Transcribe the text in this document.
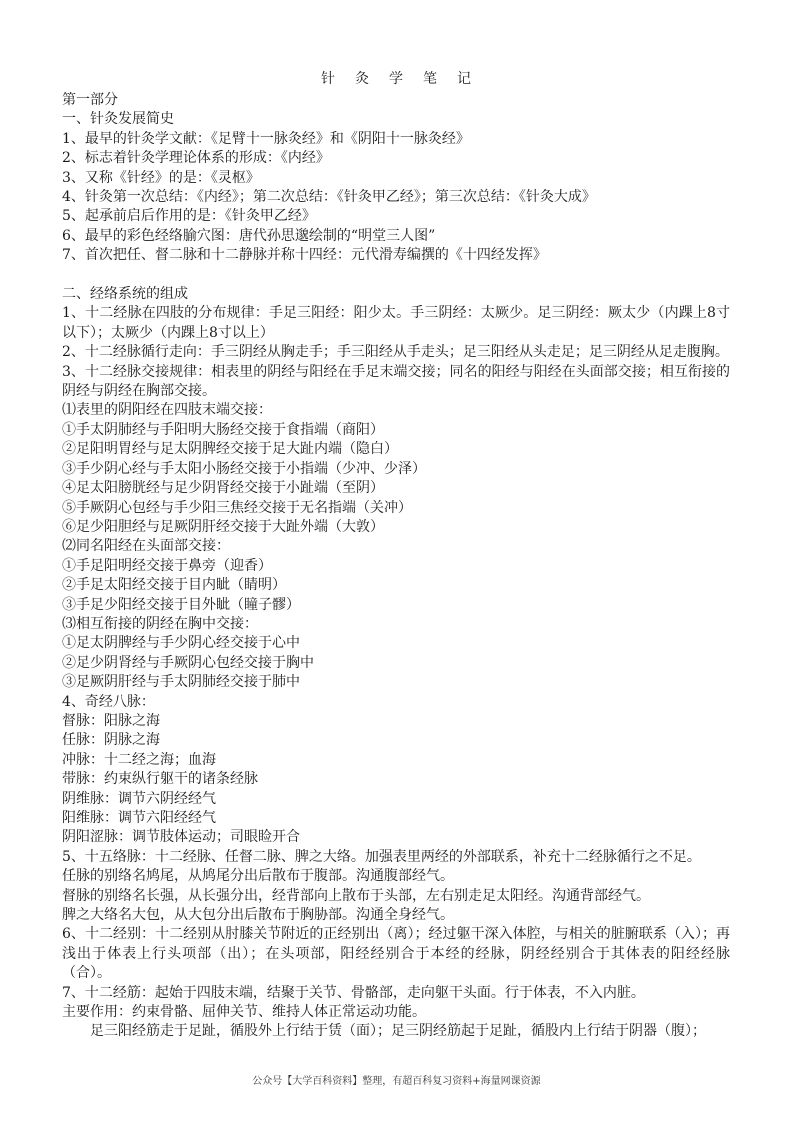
针灸学笔记
第一部分
一、针灸发展简史
1、最早的针灸学文献：《足臂十一脉灸经》和《阴阳十一脉灸经》
2、标志着针灸学理论体系的形成：《内经》
3、又称《针经》的是：《灵枢》
4、针灸第一次总结：《内经》；第二次总结：《针灸甲乙经》；第三次总结：《针灸大成》
5、起承前启后作用的是：《针灸甲乙经》
6、最早的彩色经络腧穴图：唐代孙思邈绘制的“明堂三人图”
7、首次把任、督二脉和十二静脉并称十四经：元代滑寿编撰的《十四经发挥》
二、经络系统的组成
1、十二经脉在四肢的分布规律：手足三阳经：阳少太。手三阴经：太厥少。足三阴经：厥太少（内踝上8寸以下）；太厥少（内踝上8寸以上）
2、十二经脉循行走向：手三阴经从胸走手；手三阳经从手走头；足三阳经从头走足；足三阴经从足走腹胸。
3、十二经脉交接规律：相表里的阴经与阳经在手足末端交接；同名的阳经与阳经在头面部交接；相互衔接的阴经与阴经在胸部交接。
⑴表里的阴阳经在四肢末端交接：
①手太阴肺经与手阳明大肠经交接于食指端（商阳）
②足阳明胃经与足太阴脾经交接于足大趾内端（隐白）
③手少阴心经与手太阳小肠经交接于小指端（少冲、少泽）
④足太阳膀胱经与足少阴肾经交接于小趾端（至阴）
⑤手厥阴心包经与手少阳三焦经交接于无名指端（关冲）
⑥足少阳胆经与足厥阴肝经交接于大趾外端（大敦）
⑵同名阳经在头面部交接：
①手足阳明经交接于鼻旁（迎香）
②手足太阳经交接于目内眦（睛明）
③手足少阳经交接于目外眦（瞳子髎）
⑶相互衔接的阴经在胸中交接：
①足太阴脾经与手少阴心经交接于心中
②足少阴肾经与手厥阴心包经交接于胸中
③足厥阴肝经与手太阴肺经交接于肺中
4、奇经八脉：
督脉：阳脉之海
任脉：阴脉之海
冲脉：十二经之海；血海
带脉：约束纵行躯干的诸条经脉
阴维脉：调节六阴经经气
阳维脉：调节六阳经经气
阴阳涩脉：调节肢体运动；司眼睑开合
5、十五络脉：十二经脉、任督二脉、脾之大络。加强表里两经的外部联系，补充十二经脉循行之不足。
任脉的别络名鸠尾，从鸠尾分出后散布于腹部。沟通腹部经气。
督脉的别络名长强，从长强分出，经背部向上散布于头部，左右别走足太阳经。沟通背部经气。
脾之大络名大包，从大包分出后散布于胸胁部。沟通全身经气。
6、十二经别：十二经别从肘膝关节附近的正经别出（离）；经过躯干深入体腔，与相关的脏腑联系（入）；再浅出于体表上行头项部（出）；在头项部，阳经经别合于本经的经脉，阴经经别合于其体表的阳经经脉（合）。
7、十二经筋：起始于四肢末端，结聚于关节、骨骼部，走向躯干头面。行于体表，不入内脏。
主要作用：约束骨骼、屈伸关节、维持人体正常运动功能。
足三阳经筋走于足趾，循股外上行结于赁（面）；足三阴经筋起于足趾，循股内上行结于阴器（腹）；
公众号【大学百科资料】整理，有超百科复习资料+海量网课资源
